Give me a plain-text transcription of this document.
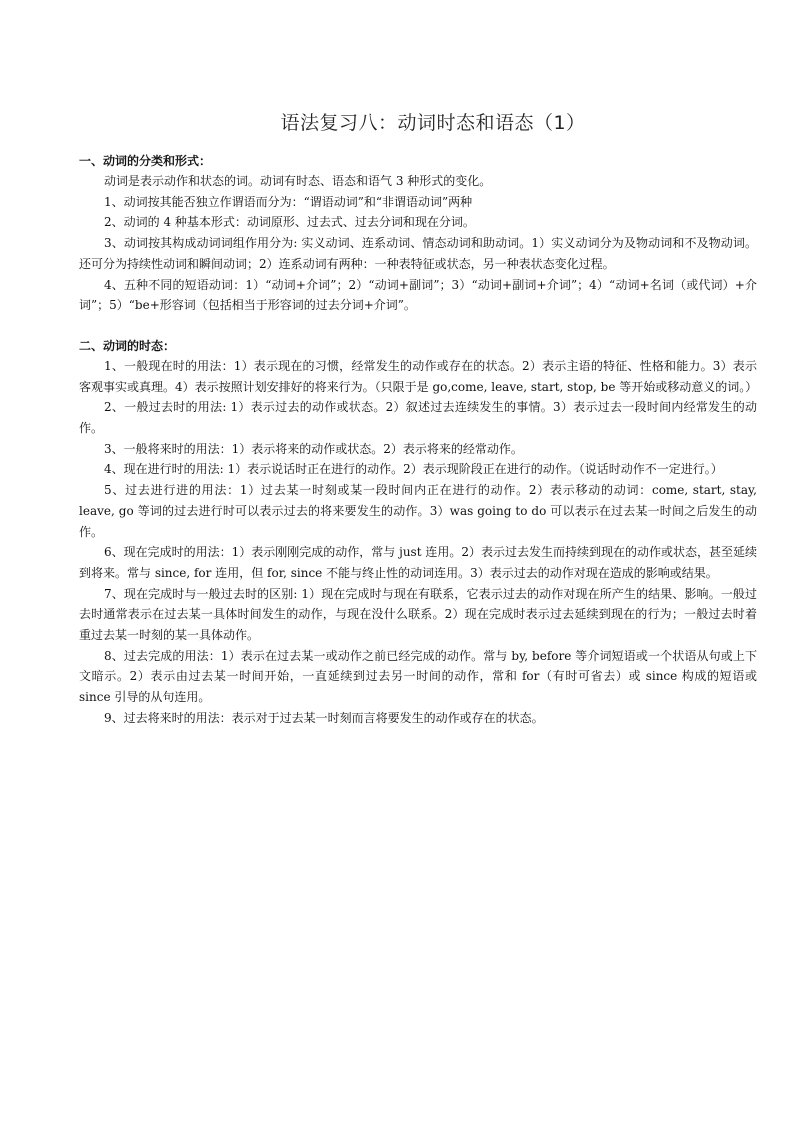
语法复习八：动词时态和语态（1）

一、动词的分类和形式：

动词是表示动作和状态的词。动词有时态、语态和语气 3 种形式的变化。

1、动词按其能否独立作谓语而分为：“谓语动词”和“非谓语动词”两种

2、动词的 4 种基本形式：动词原形、过去式、过去分词和现在分词。

3、动词按其构成动词词组作用分为: 实义动词、连系动词、情态动词和助动词。1）实义动词分为及物动词和不及物动词。还可分为持续性动词和瞬间动词；2）连系动词有两种：一种表特征或状态，另一种表状态变化过程。

4、五种不同的短语动词：1）“动词+介词”；2）“动词+副词”；3）“动词+副词+介词”；4）“动词+名词（或代词）+介词”；5）“be+形容词（包括相当于形容词的过去分词+介词”。

二、动词的时态：

1、一般现在时的用法：1）表示现在的习惯，经常发生的动作或存在的状态。2）表示主语的特征、性格和能力。3）表示客观事实或真理。4）表示按照计划安排好的将来行为。（只限于是 go,come, leave, start, stop, be 等开始或移动意义的词。）

2、一般过去时的用法: 1）表示过去的动作或状态。2）叙述过去连续发生的事情。3）表示过去一段时间内经常发生的动作。

3、一般将来时的用法：1）表示将来的动作或状态。2）表示将来的经常动作。

4、现在进行时的用法: 1）表示说话时正在进行的动作。2）表示现阶段正在进行的动作。（说话时动作不一定进行。）

5、过去进行进的用法：1）过去某一时刻或某一段时间内正在进行的动作。2）表示移动的动词：come, start, stay, leave, go 等词的过去进行时可以表示过去的将来要发生的动作。3）was going to do 可以表示在过去某一时间之后发生的动作。

6、现在完成时的用法：1）表示刚刚完成的动作，常与 just 连用。2）表示过去发生而持续到现在的动作或状态，甚至延续到将来。常与 since, for 连用，但 for, since 不能与终止性的动词连用。3）表示过去的动作对现在造成的影响或结果。

7、现在完成时与一般过去时的区别: 1）现在完成时与现在有联系，它表示过去的动作对现在所产生的结果、影响。一般过去时通常表示在过去某一具体时间发生的动作，与现在没什么联系。2）现在完成时表示过去延续到现在的行为；一般过去时着重过去某一时刻的某一具体动作。

8、过去完成的用法：1）表示在过去某一或动作之前已经完成的动作。常与 by, before 等介词短语或一个状语从句或上下文暗示。2）表示由过去某一时间开始，一直延续到过去另一时间的动作，常和 for（有时可省去）或 since 构成的短语或 since 引导的从句连用。

9、过去将来时的用法：表示对于过去某一时刻而言将要发生的动作或存在的状态。
